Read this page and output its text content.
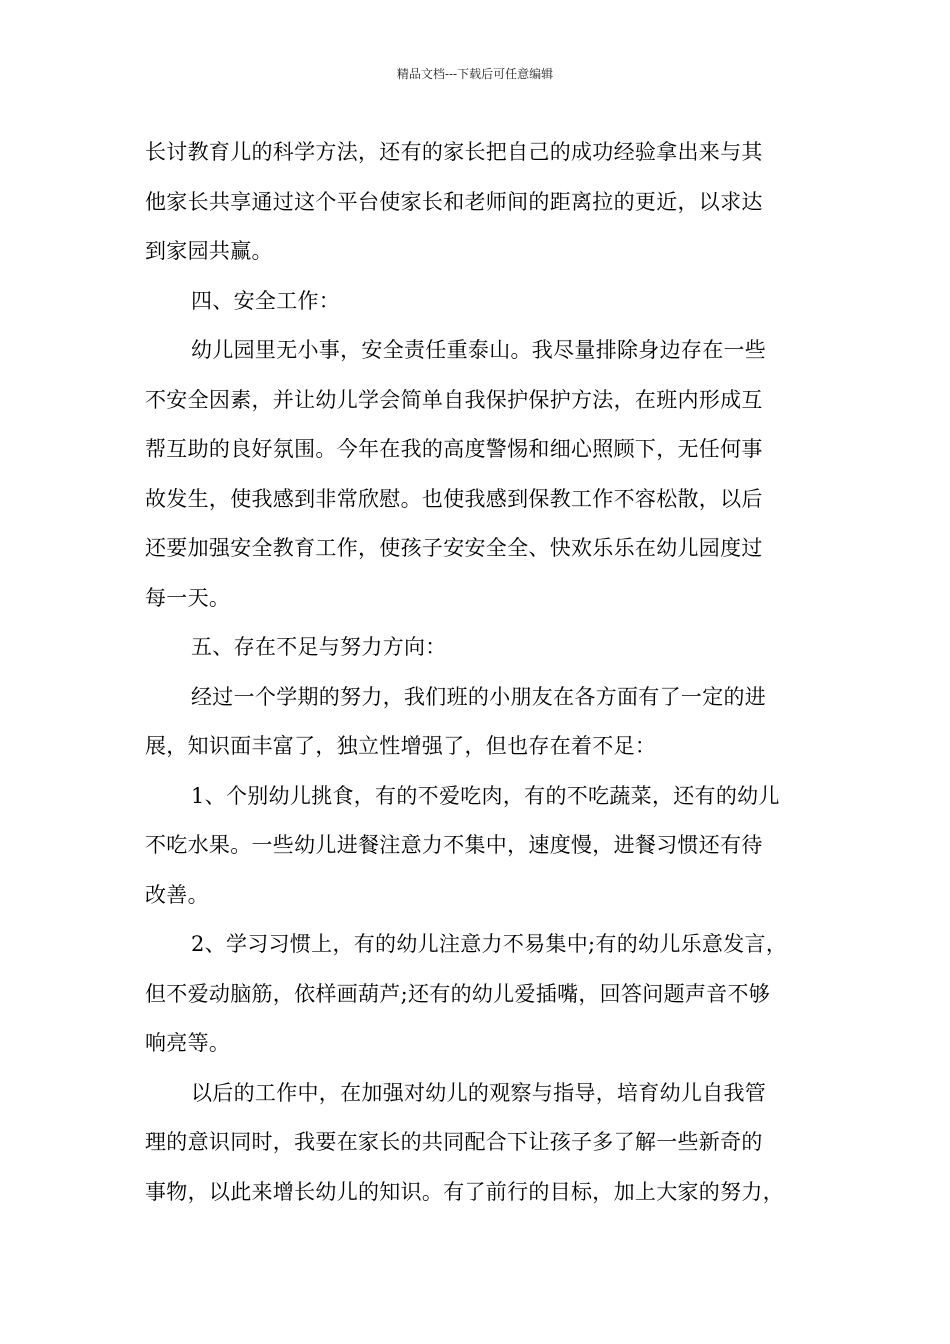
精品文档---下载后可任意编辑
长讨教育儿的科学方法，还有的家长把自己的成功经验拿出来与其
他家长共享通过这个平台使家长和老师间的距离拉的更近，以求达
到家园共赢。
四、安全工作：
幼儿园里无小事，安全责任重泰山。我尽量排除身边存在一些
不安全因素，并让幼儿学会简单自我保护保护方法，在班内形成互
帮互助的良好氛围。今年在我的高度警惕和细心照顾下，无任何事
故发生，使我感到非常欣慰。也使我感到保教工作不容松散，以后
还要加强安全教育工作，使孩子安安全全、快欢乐乐在幼儿园度过
每一天。
五、存在不足与努力方向：
经过一个学期的努力，我们班的小朋友在各方面有了一定的进
展，知识面丰富了，独立性增强了，但也存在着不足：
1、个别幼儿挑食，有的不爱吃肉，有的不吃蔬菜，还有的幼儿
不吃水果。一些幼儿进餐注意力不集中，速度慢，进餐习惯还有待
改善。
2、学习习惯上，有的幼儿注意力不易集中;有的幼儿乐意发言，
但不爱动脑筋，依样画葫芦;还有的幼儿爱插嘴，回答问题声音不够
响亮等。
以后的工作中，在加强对幼儿的观察与指导，培育幼儿自我管
理的意识同时，我要在家长的共同配合下让孩子多了解一些新奇的
事物，以此来增长幼儿的知识。有了前行的目标，加上大家的努力，
